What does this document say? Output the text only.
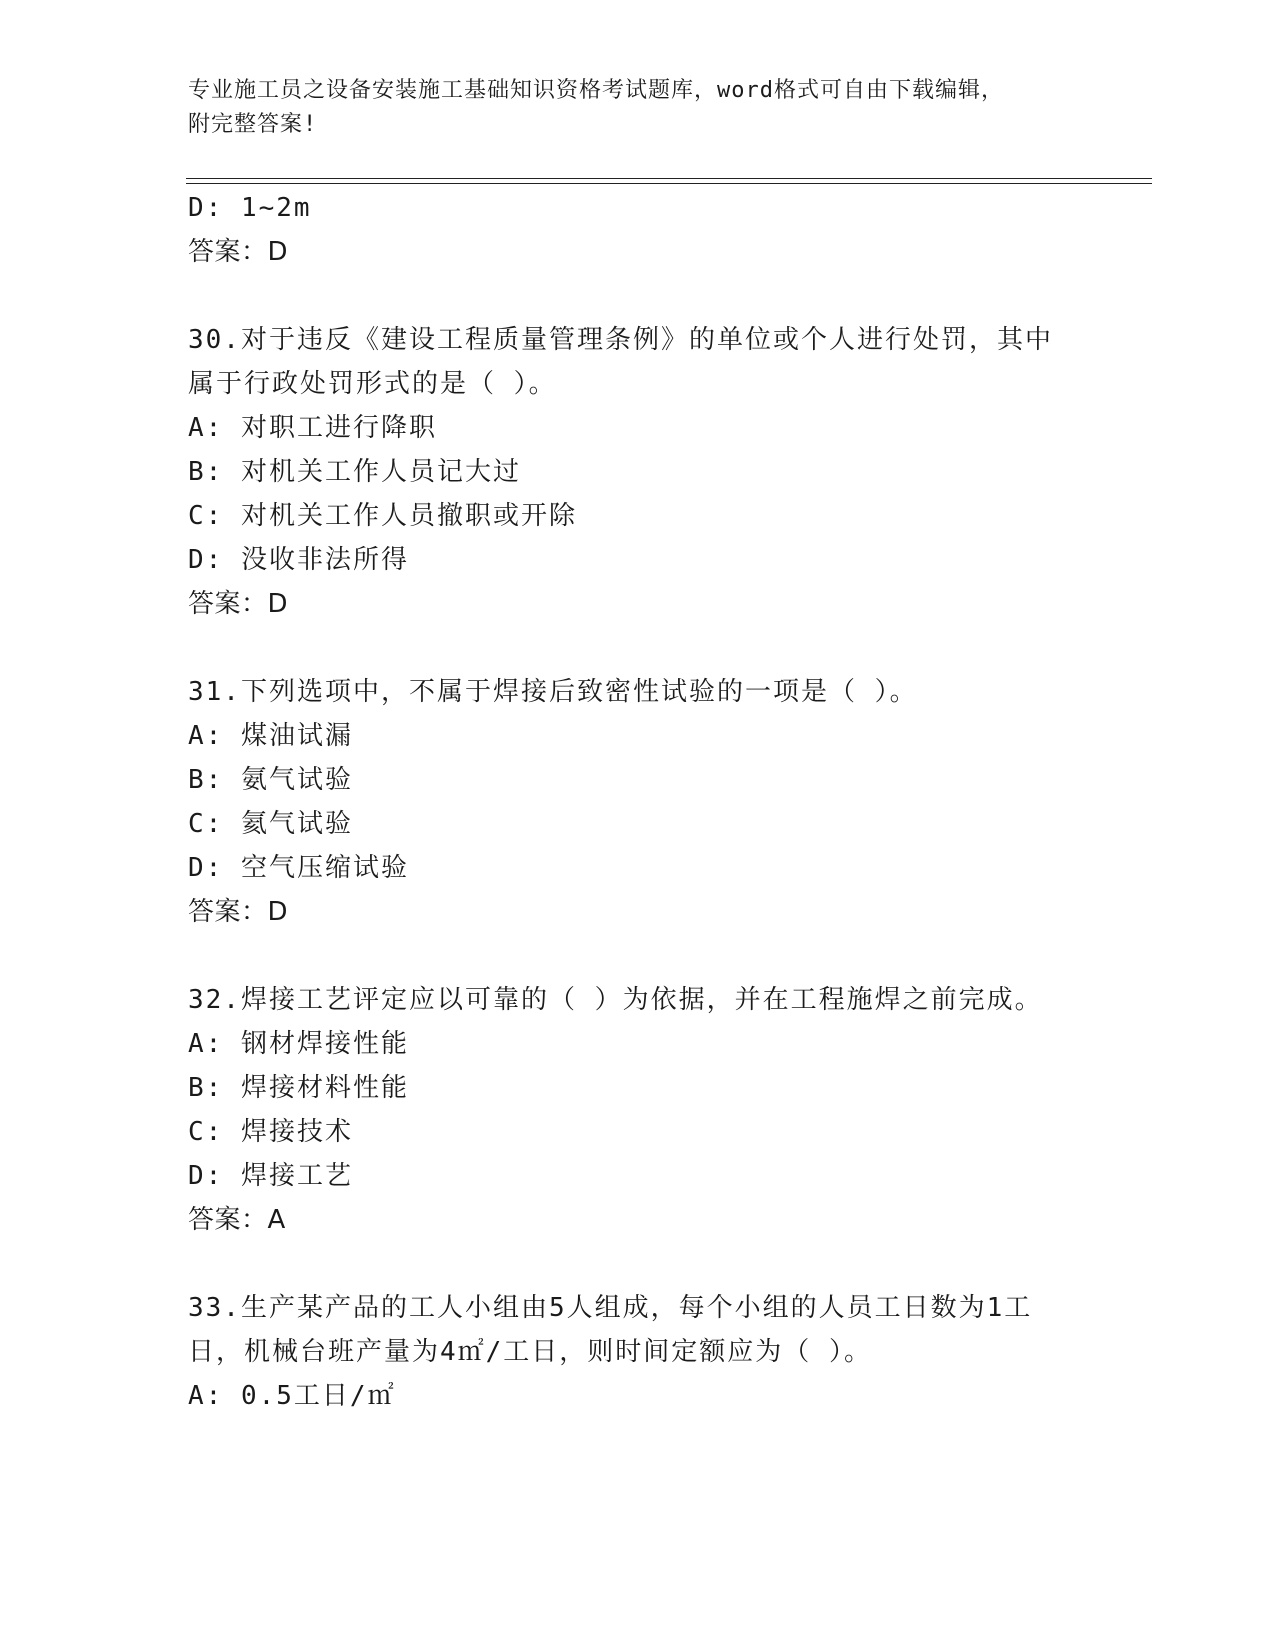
专业施工员之设备安装施工基础知识资格考试题库，word格式可自由下载编辑，
附完整答案!
D: 1~2m
答案：D
30.对于违反《建设工程质量管理条例》的单位或个人进行处罚，其中
属于行政处罚形式的是（ ）。
A: 对职工进行降职
B: 对机关工作人员记大过
C: 对机关工作人员撤职或开除
D: 没收非法所得
答案：D
31.下列选项中，不属于焊接后致密性试验的一项是（ ）。
A: 煤油试漏
B: 氨气试验
C: 氦气试验
D: 空气压缩试验
答案：D
32.焊接工艺评定应以可靠的（ ）为依据，并在工程施焊之前完成。
A: 钢材焊接性能
B: 焊接材料性能
C: 焊接技术
D: 焊接工艺
答案：A
33.生产某产品的工人小组由5人组成，每个小组的人员工日数为1工
日，机械台班产量为4㎡/工日，则时间定额应为（ ）。
A: 0.5工日/㎡
